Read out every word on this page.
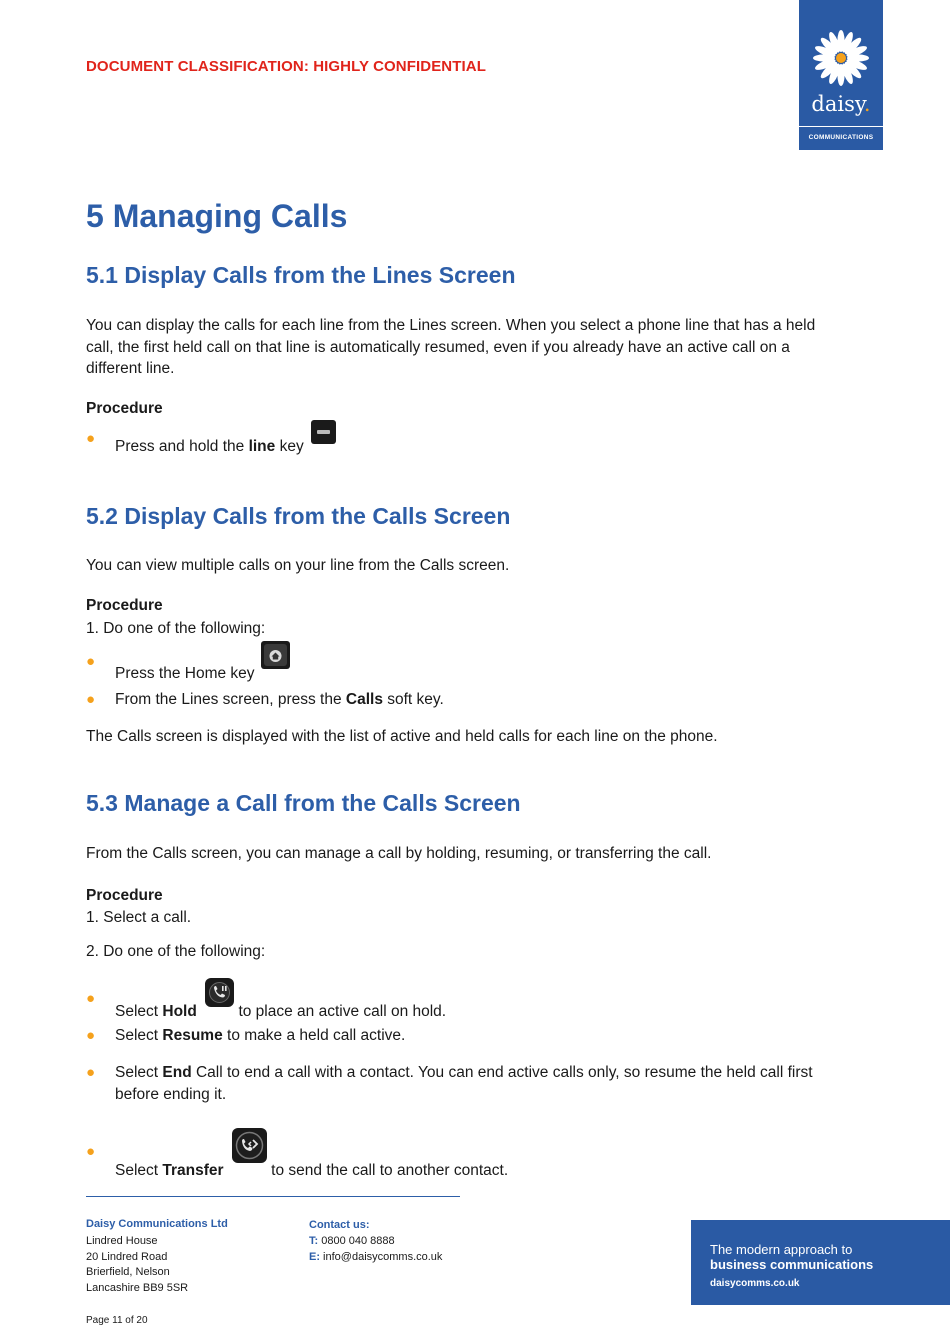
DOCUMENT CLASSIFICATION: HIGHLY CONFIDENTIAL
daisy.
COMMUNICATIONS
5 Managing Calls
5.1 Display Calls from the Lines Screen

You can display the calls for each line from the Lines screen. When you select a phone line that has a held call, the first held call on that line is automatically resumed, even if you already have an active call on a different line.

Procedure
● Press and hold the line key
5.2 Display Calls from the Calls Screen

You can view multiple calls on your line from the Calls screen.

Procedure

1. Do one of the following:

●
Press the Home key
● From the Lines screen, press the Calls soft key.

The Calls screen is displayed with the list of active and held calls for each line on the phone.

5.3 Manage a Call from the Calls Screen

From the Calls screen, you can manage a call by holding, resuming, or transferring the call.

Procedure

1. Select a call.

2. Do one of the following:

●
Select Hold  to place an active call on hold.
● Select Resume to make a held call active.
● Select End Call to end a call with a contact. You can end active calls only, so resume the held call first
before ending it.
●
Select Transfer	to send the call to another contact.
Daisy Communications Ltd
Lindred House
20 Lindred Road
Brierfield, Nelson
Lancashire BB9 5SR
Contact us:
T: 0800 040 8888
E: info@daisycomms.co.uk	The modern approach to
business communications
daisycomms.co.uk
Page 11 of 20
